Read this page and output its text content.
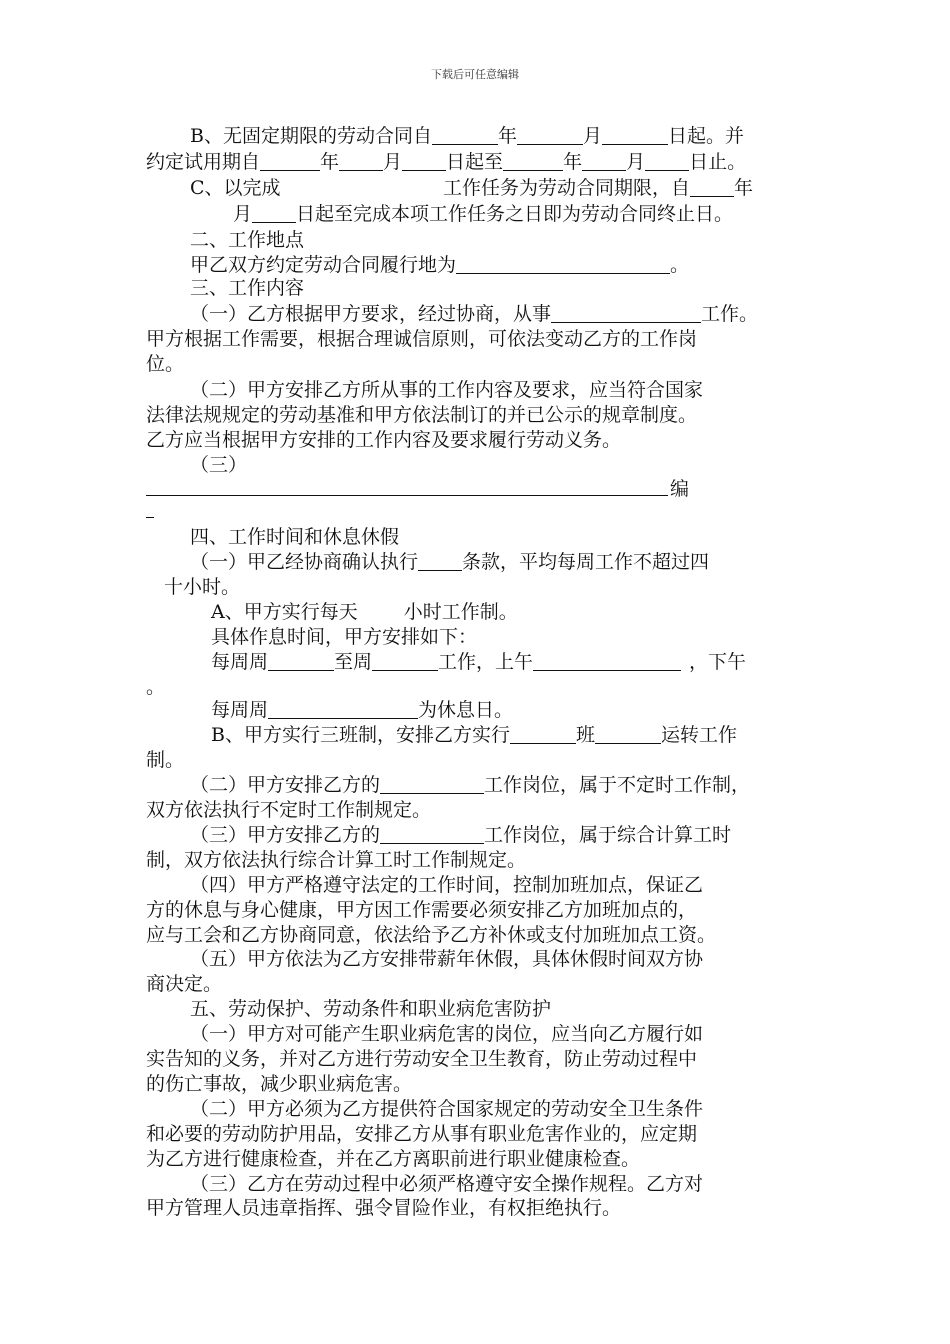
下载后可任意编辑
B、无固定期限的劳动合同自	年	月	日起。并
约定试用期自	年 月 日起至	年 月 日止。
C、以完成	工作任务为劳动合同期限，自 年
月 日起至完成本项工作任务之日即为劳动合同终止日。
二、工作地点
甲乙双方约定劳动合同履行地为	。
三、工作内容
（一）乙方根据甲方要求，经过协商，从事	工作。
甲方根据工作需要，根据合理诚信原则，可依法变动乙方的工作岗
位。
（二）甲方安排乙方所从事的工作内容及要求，应当符合国家
法律法规规定的劳动基准和甲方依法制订的并已公示的规章制度。
乙方应当根据甲方安排的工作内容及要求履行劳动义务。
（三）
编
四、工作时间和休息休假
（一）甲乙经协商确认执行 条款，平均每周工作不超过四
十小时。
A、甲方实行每天 小时工作制。
具体作息时间，甲方安排如下：
每周周	至周	工作，上午	，下午
。
每周周	为休息日。
B、甲方实行三班制，安排乙方实行	班	运转工作
制。
（二）甲方安排乙方的	工作岗位，属于不定时工作制，
双方依法执行不定时工作制规定。
（三）甲方安排乙方的	工作岗位，属于综合计算工时
制，双方依法执行综合计算工时工作制规定。
（四）甲方严格遵守法定的工作时间，控制加班加点，保证乙
方的休息与身心健康，甲方因工作需要必须安排乙方加班加点的，
应与工会和乙方协商同意，依法给予乙方补休或支付加班加点工资。
（五）甲方依法为乙方安排带薪年休假，具体休假时间双方协
商决定。
五、劳动保护、劳动条件和职业病危害防护
（一）甲方对可能产生职业病危害的岗位，应当向乙方履行如
实告知的义务，并对乙方进行劳动安全卫生教育，防止劳动过程中
的伤亡事故，减少职业病危害。
（二）甲方必须为乙方提供符合国家规定的劳动安全卫生条件
和必要的劳动防护用品，安排乙方从事有职业危害作业的，应定期
为乙方进行健康检查，并在乙方离职前进行职业健康检查。
（三）乙方在劳动过程中必须严格遵守安全操作规程。乙方对
甲方管理人员违章指挥、强令冒险作业，有权拒绝执行。
